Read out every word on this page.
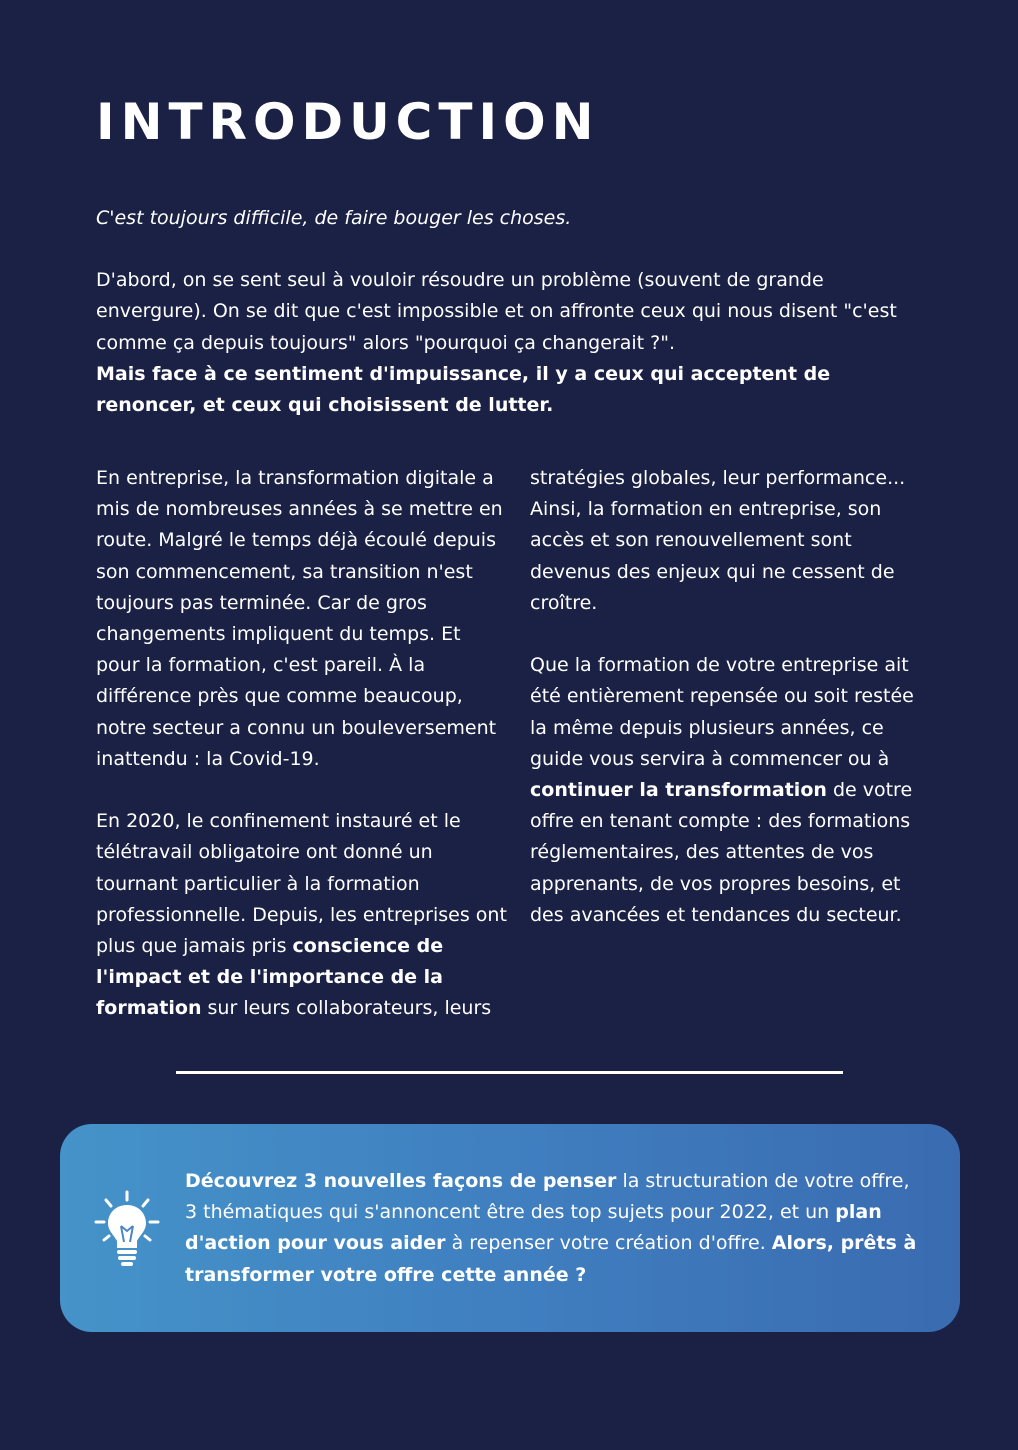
INTRODUCTION

C'est toujours difficile, de faire bouger les choses.

D'abord, on se sent seul à vouloir résoudre un problème (souvent de grande envergure). On se dit que c'est impossible et on affronte ceux qui nous disent "c'est comme ça depuis toujours" alors "pourquoi ça changerait ?".

Mais face à ce sentiment d'impuissance, il y a ceux qui acceptent de renoncer, et ceux qui choisissent de lutter.

En entreprise, la transformation digitale a mis de nombreuses années à se mettre en route. Malgré le temps déjà écoulé depuis son commencement, sa transition n'est toujours pas terminée. Car de gros changements impliquent du temps. Et pour la formation, c'est pareil. À la différence près que comme beaucoup, notre secteur a connu un bouleversement inattendu : la Covid-19.

En 2020, le confinement instauré et le télétravail obligatoire ont donné un tournant particulier à la formation professionnelle. Depuis, les entreprises ont plus que jamais pris conscience de l'impact et de l'importance de la formation sur leurs collaborateurs, leurs

stratégies globales, leur performance... Ainsi, la formation en entreprise, son accès et son renouvellement sont devenus des enjeux qui ne cessent de croître.

Que la formation de votre entreprise ait été entièrement repensée ou soit restée la même depuis plusieurs années, ce guide vous servira à commencer ou à continuer la transformation de votre offre en tenant compte : des formations réglementaires, des attentes de vos apprenants, de vos propres besoins, et des avancées et tendances du secteur.

Découvrez 3 nouvelles façons de penser la structuration de votre offre, 3 thématiques qui s'annoncent être des top sujets pour 2022, et un plan d'action pour vous aider à repenser votre création d'offre. Alors, prêts à transformer votre offre cette année ?
